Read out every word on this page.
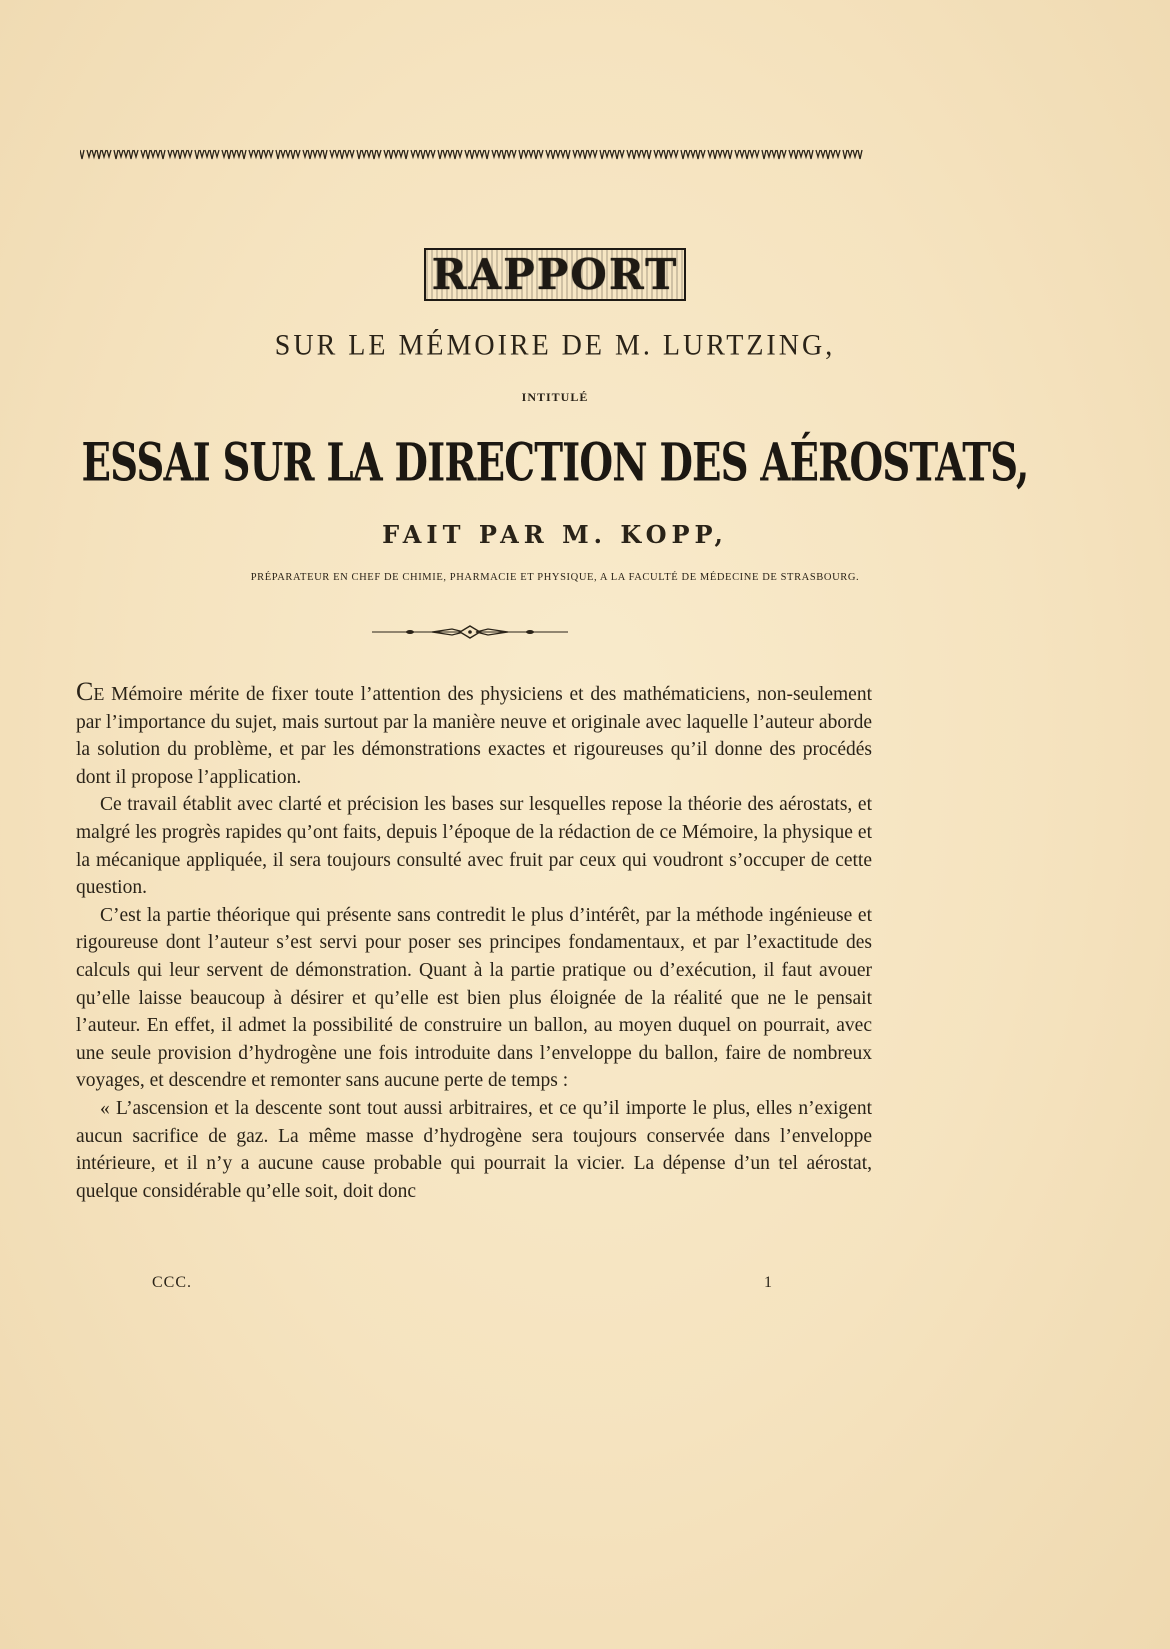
RAPPORT
SUR LE MÉMOIRE DE M. LURTZING,
INTITULÉ
ESSAI SUR LA DIRECTION DES AÉROSTATS,
FAIT PAR M. KOPP,
PRÉPARATEUR EN CHEF DE CHIMIE, PHARMACIE ET PHYSIQUE, A LA FACULTÉ DE MÉDECINE DE STRASBOURG.

Ce Mémoire mérite de fixer toute l’attention des physiciens et des mathématiciens, non-seulement par l’importance du sujet, mais surtout par la manière neuve et originale avec laquelle l’auteur aborde la solution du problème, et par les démonstrations exactes et rigoureuses qu’il donne des procédés dont il propose l’application.

Ce travail établit avec clarté et précision les bases sur lesquelles repose la théorie des aérostats, et malgré les progrès rapides qu’ont faits, depuis l’époque de la rédaction de ce Mémoire, la physique et la mécanique appliquée, il sera toujours consulté avec fruit par ceux qui voudront s’occuper de cette question.

C’est la partie théorique qui présente sans contredit le plus d’intérêt, par la méthode ingénieuse et rigoureuse dont l’auteur s’est servi pour poser ses principes fondamentaux, et par l’exactitude des calculs qui leur servent de démonstration. Quant à la partie pratique ou d’exécution, il faut avouer qu’elle laisse beaucoup à désirer et qu’elle est bien plus éloignée de la réalité que ne le pensait l’auteur. En effet, il admet la possibilité de construire un ballon, au moyen duquel on pourrait, avec une seule provision d’hydrogène une fois introduite dans l’enveloppe du ballon, faire de nombreux voyages, et descendre et remonter sans aucune perte de temps :

« L’ascension et la descente sont tout aussi arbitraires, et ce qu’il importe le plus, elles n’exigent aucun sacrifice de gaz. La même masse d’hydrogène sera toujours conservée dans l’enveloppe intérieure, et il n’y a aucune cause probable qui pourrait la vicier. La dépense d’un tel aérostat, quelque considérable qu’elle soit, doit donc

CCC.	1
